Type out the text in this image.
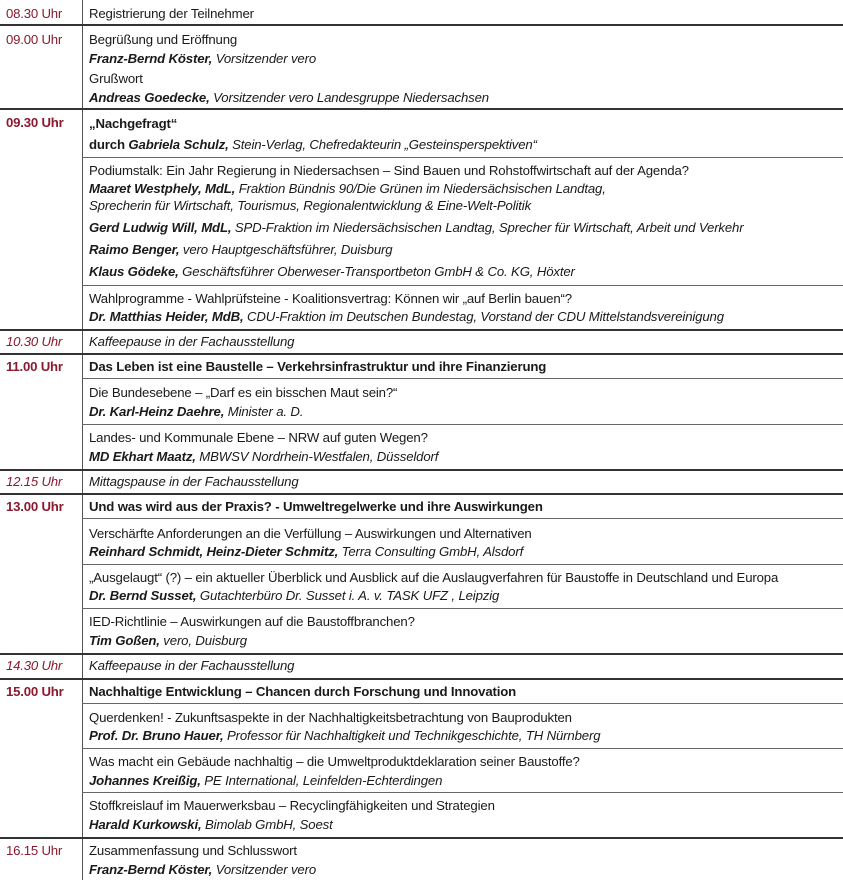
08.30 Uhr Registrierung der Teilnehmer
09.00 Uhr Begrüßung und Eröffnung
Franz-Bernd Köster, Vorsitzender vero
Grußwort
Andreas Goedecke, Vorsitzender vero Landesgruppe Niedersachsen
09.30 Uhr „Nachgefragt“
durch Gabriela Schulz, Stein-Verlag, Chefredakteurin „Gesteinsperspektiven“
Podiumstalk: Ein Jahr Regierung in Niedersachsen – Sind Bauen und Rohstoffwirtschaft auf der Agenda?
Maaret Westphely, MdL, Fraktion Bündnis 90/Die Grünen im Niedersächsischen Landtag,
Sprecherin für Wirtschaft, Tourismus, Regionalentwicklung & Eine-Welt-Politik
Gerd Ludwig Will, MdL, SPD-Fraktion im Niedersächsischen Landtag, Sprecher für Wirtschaft, Arbeit und Verkehr
Raimo Benger, vero Hauptgeschäftsführer, Duisburg
Klaus Gödeke, Geschäftsführer Oberweser-Transportbeton GmbH & Co. KG, Höxter
Wahlprogramme - Wahlprüfsteine - Koalitionsvertrag: Können wir „auf Berlin bauen“?
Dr. Matthias Heider, MdB, CDU-Fraktion im Deutschen Bundestag, Vorstand der CDU Mittelstandsvereinigung
10.30 Uhr Kaffeepause in der Fachausstellung
11.00 Uhr Das Leben ist eine Baustelle – Verkehrsinfrastruktur und ihre Finanzierung
Die Bundesebene – „Darf es ein bisschen Maut sein?“
Dr. Karl-Heinz Daehre, Minister a. D.
Landes- und Kommunale Ebene – NRW auf guten Wegen?
MD Ekhart Maatz, MBWSV Nordrhein-Westfalen, Düsseldorf
12.15 Uhr Mittagspause in der Fachausstellung
13.00 Uhr Und was wird aus der Praxis? - Umweltregelwerke und ihre Auswirkungen
Verschärfte Anforderungen an die Verfüllung – Auswirkungen und Alternativen
Reinhard Schmidt, Heinz-Dieter Schmitz, Terra Consulting GmbH, Alsdorf
„Ausgelaugt“ (?) – ein aktueller Überblick und Ausblick auf die Auslaugverfahren für Baustoffe in Deutschland und Europa
Dr. Bernd Susset, Gutachterbüro Dr. Susset i. A. v. TASK UFZ , Leipzig
IED-Richtlinie – Auswirkungen auf die Baustoffbranchen?
Tim Goßen, vero, Duisburg
14.30 Uhr Kaffeepause in der Fachausstellung
15.00 Uhr Nachhaltige Entwicklung – Chancen durch Forschung und Innovation
Querdenken! - Zukunftsaspekte in der Nachhaltigkeitsbetrachtung von Bauprodukten
Prof. Dr. Bruno Hauer, Professor für Nachhaltigkeit und Technikgeschichte, TH Nürnberg
Was macht ein Gebäude nachhaltig – die Umweltproduktdeklaration seiner Baustoffe?
Johannes Kreißig, PE International, Leinfelden-Echterdingen
Stoffkreislauf im Mauerwerksbau – Recyclingfähigkeiten und Strategien
Harald Kurkowski, Bimolab GmbH, Soest
16.15 Uhr Zusammenfassung und Schlusswort
Franz-Bernd Köster, Vorsitzender vero
